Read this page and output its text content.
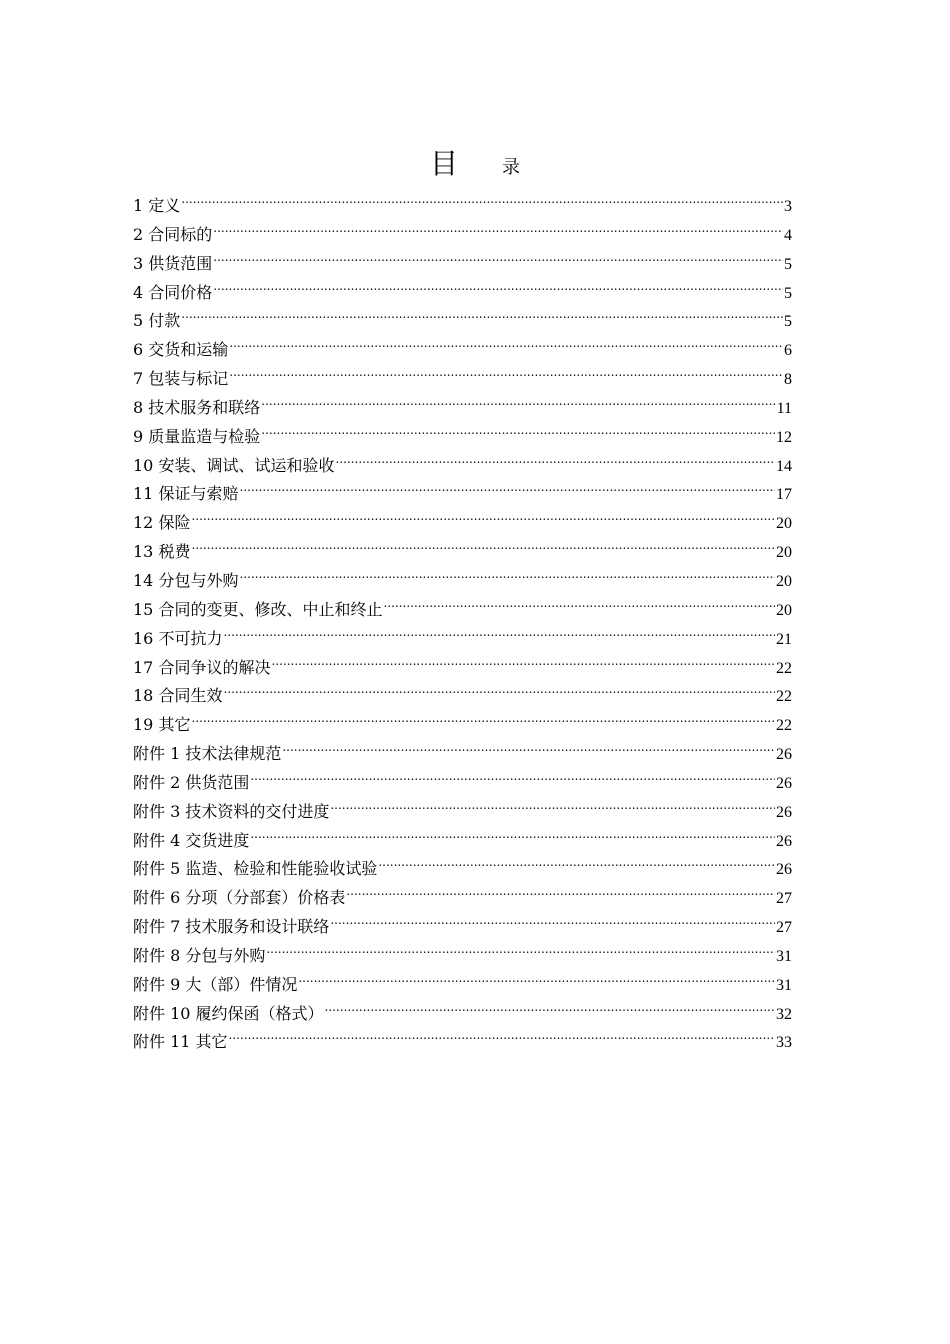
目 录
1 定义 .....	3
2 合同标的 .....	4
3 供货范围 .....	5
4 合同价格 .....	5
5 付款 .....	5
6 交货和运输 .....	6
7 包装与标记 .....	8
8 技术服务和联络 .....	11
9 质量监造与检验 .....	12
10 安装、调试、试运和验收 .....	14
11 保证与索赔 .....	17
12 保险 .....	20
13 税费 .....	20
14 分包与外购 .....	20
15 合同的变更、修改、中止和终止 .....	20
16 不可抗力 .....	21
17 合同争议的解决 .....	22
18 合同生效 .....	22
19 其它 .....	22
附件 1 技术法律规范 .....	26
附件 2 供货范围 .....	26
附件 3 技术资料的交付进度 .....	26
附件 4 交货进度 .....	26
附件 5 监造、检验和性能验收试验 .....	26
附件 6 分项（分部套）价格表 .....	27
附件 7 技术服务和设计联络 .....	27
附件 8 分包与外购 .....	31
附件 9 大（部）件情况 .....	31
附件 10 履约保函（格式） .....	32
附件 11 其它 .....	33
